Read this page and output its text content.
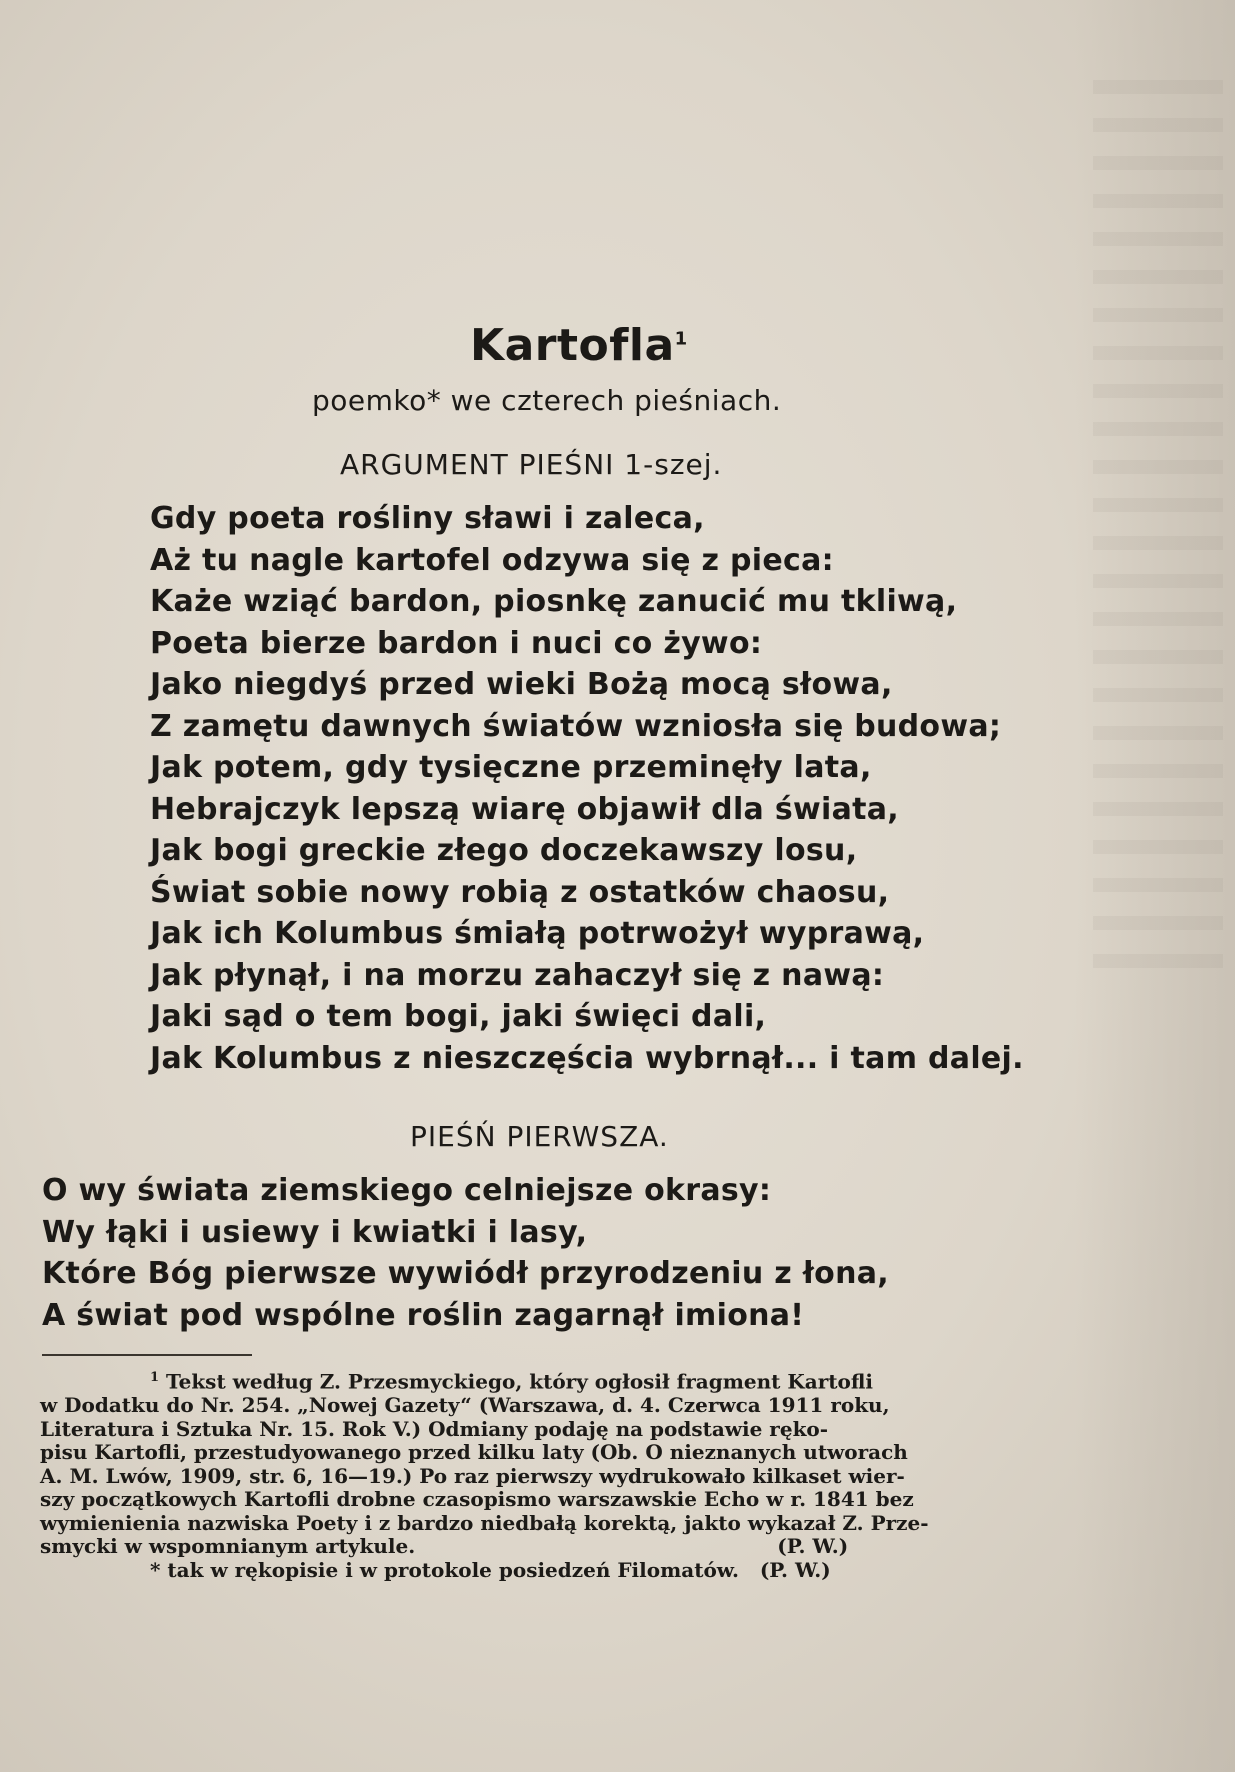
Kartofla$^1$
poemko* we czterech pieśniach.
ARGUMENT PIEŚNI 1-szej.
Gdy poeta rośliny sławi i zaleca,
Aż tu nagle kartofel odzywa się z pieca:
Każe wziąć bardon, piosnkę zanucić mu tkliwą,
Poeta bierze bardon i nuci co żywo:
Jako niegdyś przed wieki Bożą mocą słowa,
Z zamętu dawnych światów wzniosła się budowa;
Jak potem, gdy tysięczne przeminęły lata,
Hebrajczyk lepszą wiarę objawił dla świata,
Jak bogi greckie złego doczekawszy losu,
Świat sobie nowy robią z ostatków chaosu,
Jak ich Kolumbus śmiałą potrwożył wyprawą,
Jak płynął, i na morzu zahaczył się z nawą:
Jaki sąd o tem bogi, jaki święci dali,
Jak Kolumbus z nieszczęścia wybrnął... i tam dalej.
PIEŚŃ PIERWSZA.
O wy świata ziemskiego celniejsze okrasy:
Wy łąki i usiewy i kwiatki i lasy,
Które Bóg pierwsze wywiódł przyrodzeniu z łona,
A świat pod wspólne roślin zagarnął imiona!
$^1$ Tekst według Z. Przesmyckiego, który ogłosił fragment Kartofli
w Dodatku do Nr. 254. „Nowej Gazety“ (Warszawa, d. 4. Czerwca 1911 roku,
Literatura i Sztuka Nr. 15. Rok V.) Odmiany podaję na podstawie ręko-
pisu Kartofli, przestudyowanego przed kilku laty (Ob. O nieznanych utworach
A. M. Lwów, 1909, str. 6, 16—19.) Po raz pierwszy wydrukowało kilkaset wier-
szy początkowych Kartofli drobne czasopismo warszawskie Echo w r. 1841 bez
wymienienia nazwiska Poety i z bardzo niedbałą korektą, jakto wykazał Z. Prze-
smycki w wspomnianym artykule.                                                    (P. W.)
* tak w rękopisie i w protokole posiedzeń Filomatów.   (P. W.)
